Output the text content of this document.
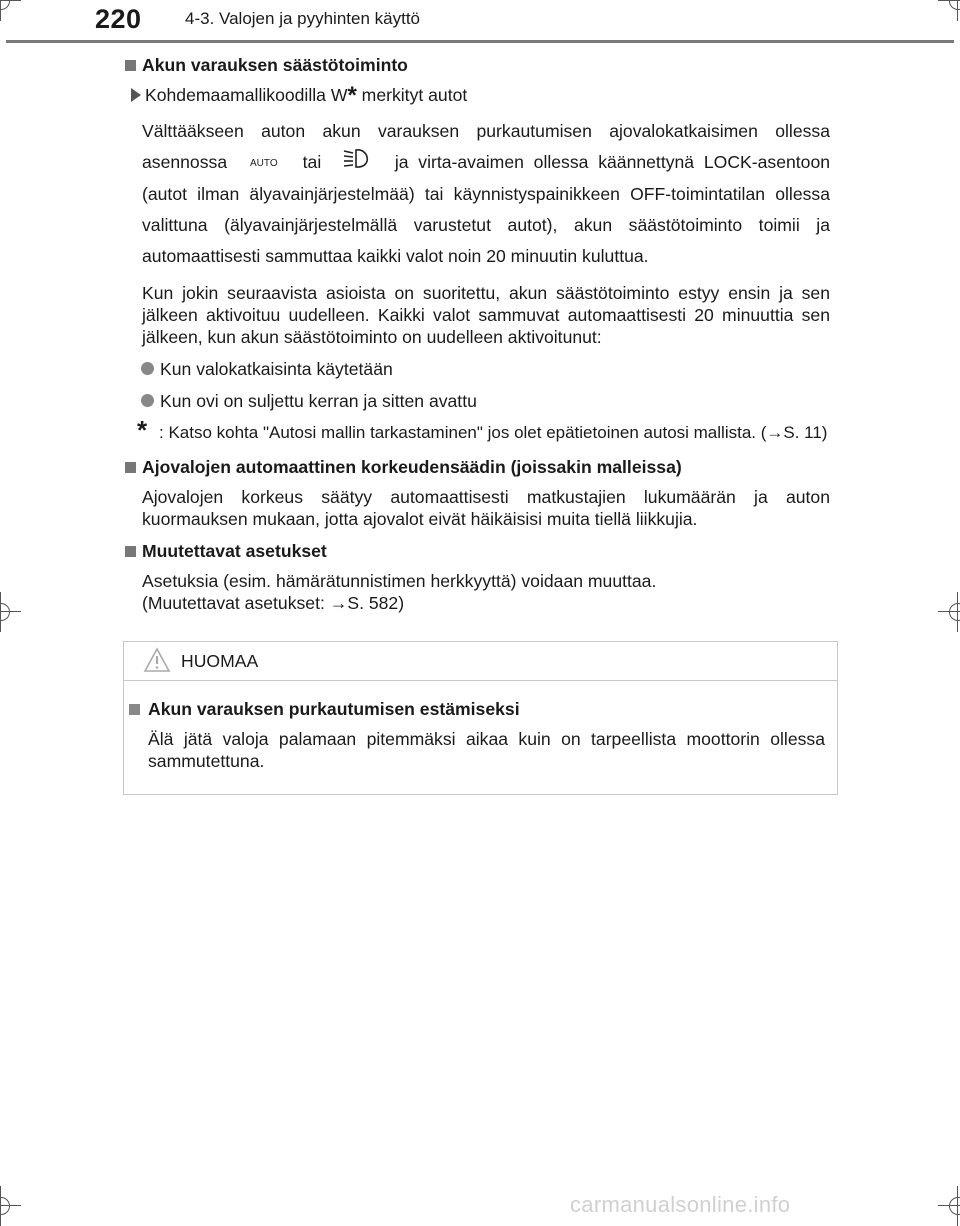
220	4-3. Valojen ja pyyhinten käyttö
Akun varauksen säästötoiminto
Kohdemaamallikoodilla W* merkityt autot
Välttääkseen auton akun varauksen purkautumisen ajovalokatkaisimen ollessa asennossa AUTO tai	ja virta-avaimen ollessa käännettynä LOCK-asentoon (autot ilman älyavainjärjestelmää) tai käynnistyspainikkeen OFF-toimintatilan ollessa valittuna (älyavainjärjestelmällä varustetut autot), akun säästötoiminto toimii ja automaattisesti sammuttaa kaikki valot noin 20 minuutin kuluttua.
Kun jokin seuraavista asioista on suoritettu, akun säästötoiminto estyy ensin ja sen jälkeen aktivoituu uudelleen. Kaikki valot sammuvat automaattisesti 20 minuuttia sen jälkeen, kun akun säästötoiminto on uudelleen aktivoitunut:
Kun valokatkaisinta käytetään
Kun ovi on suljettu kerran ja sitten avattu
* : Katso kohta "Autosi mallin tarkastaminen" jos olet epätietoinen autosi mallista. (→S. 11)
Ajovalojen automaattinen korkeudensäädin (joissakin malleissa)
Ajovalojen korkeus säätyy automaattisesti matkustajien lukumäärän ja auton kuormauksen mukaan, jotta ajovalot eivät häikäisisi muita tiellä liikkujia.
Muutettavat asetukset
Asetuksia (esim. hämärätunnistimen herkkyyttä) voidaan muuttaa.
(Muutettavat asetukset: →S. 582)
HUOMAA
Akun varauksen purkautumisen estämiseksi
Älä jätä valoja palamaan pitemmäksi aikaa kuin on tarpeellista moottorin ollessa sammutettuna.
carmanualsonline.info
